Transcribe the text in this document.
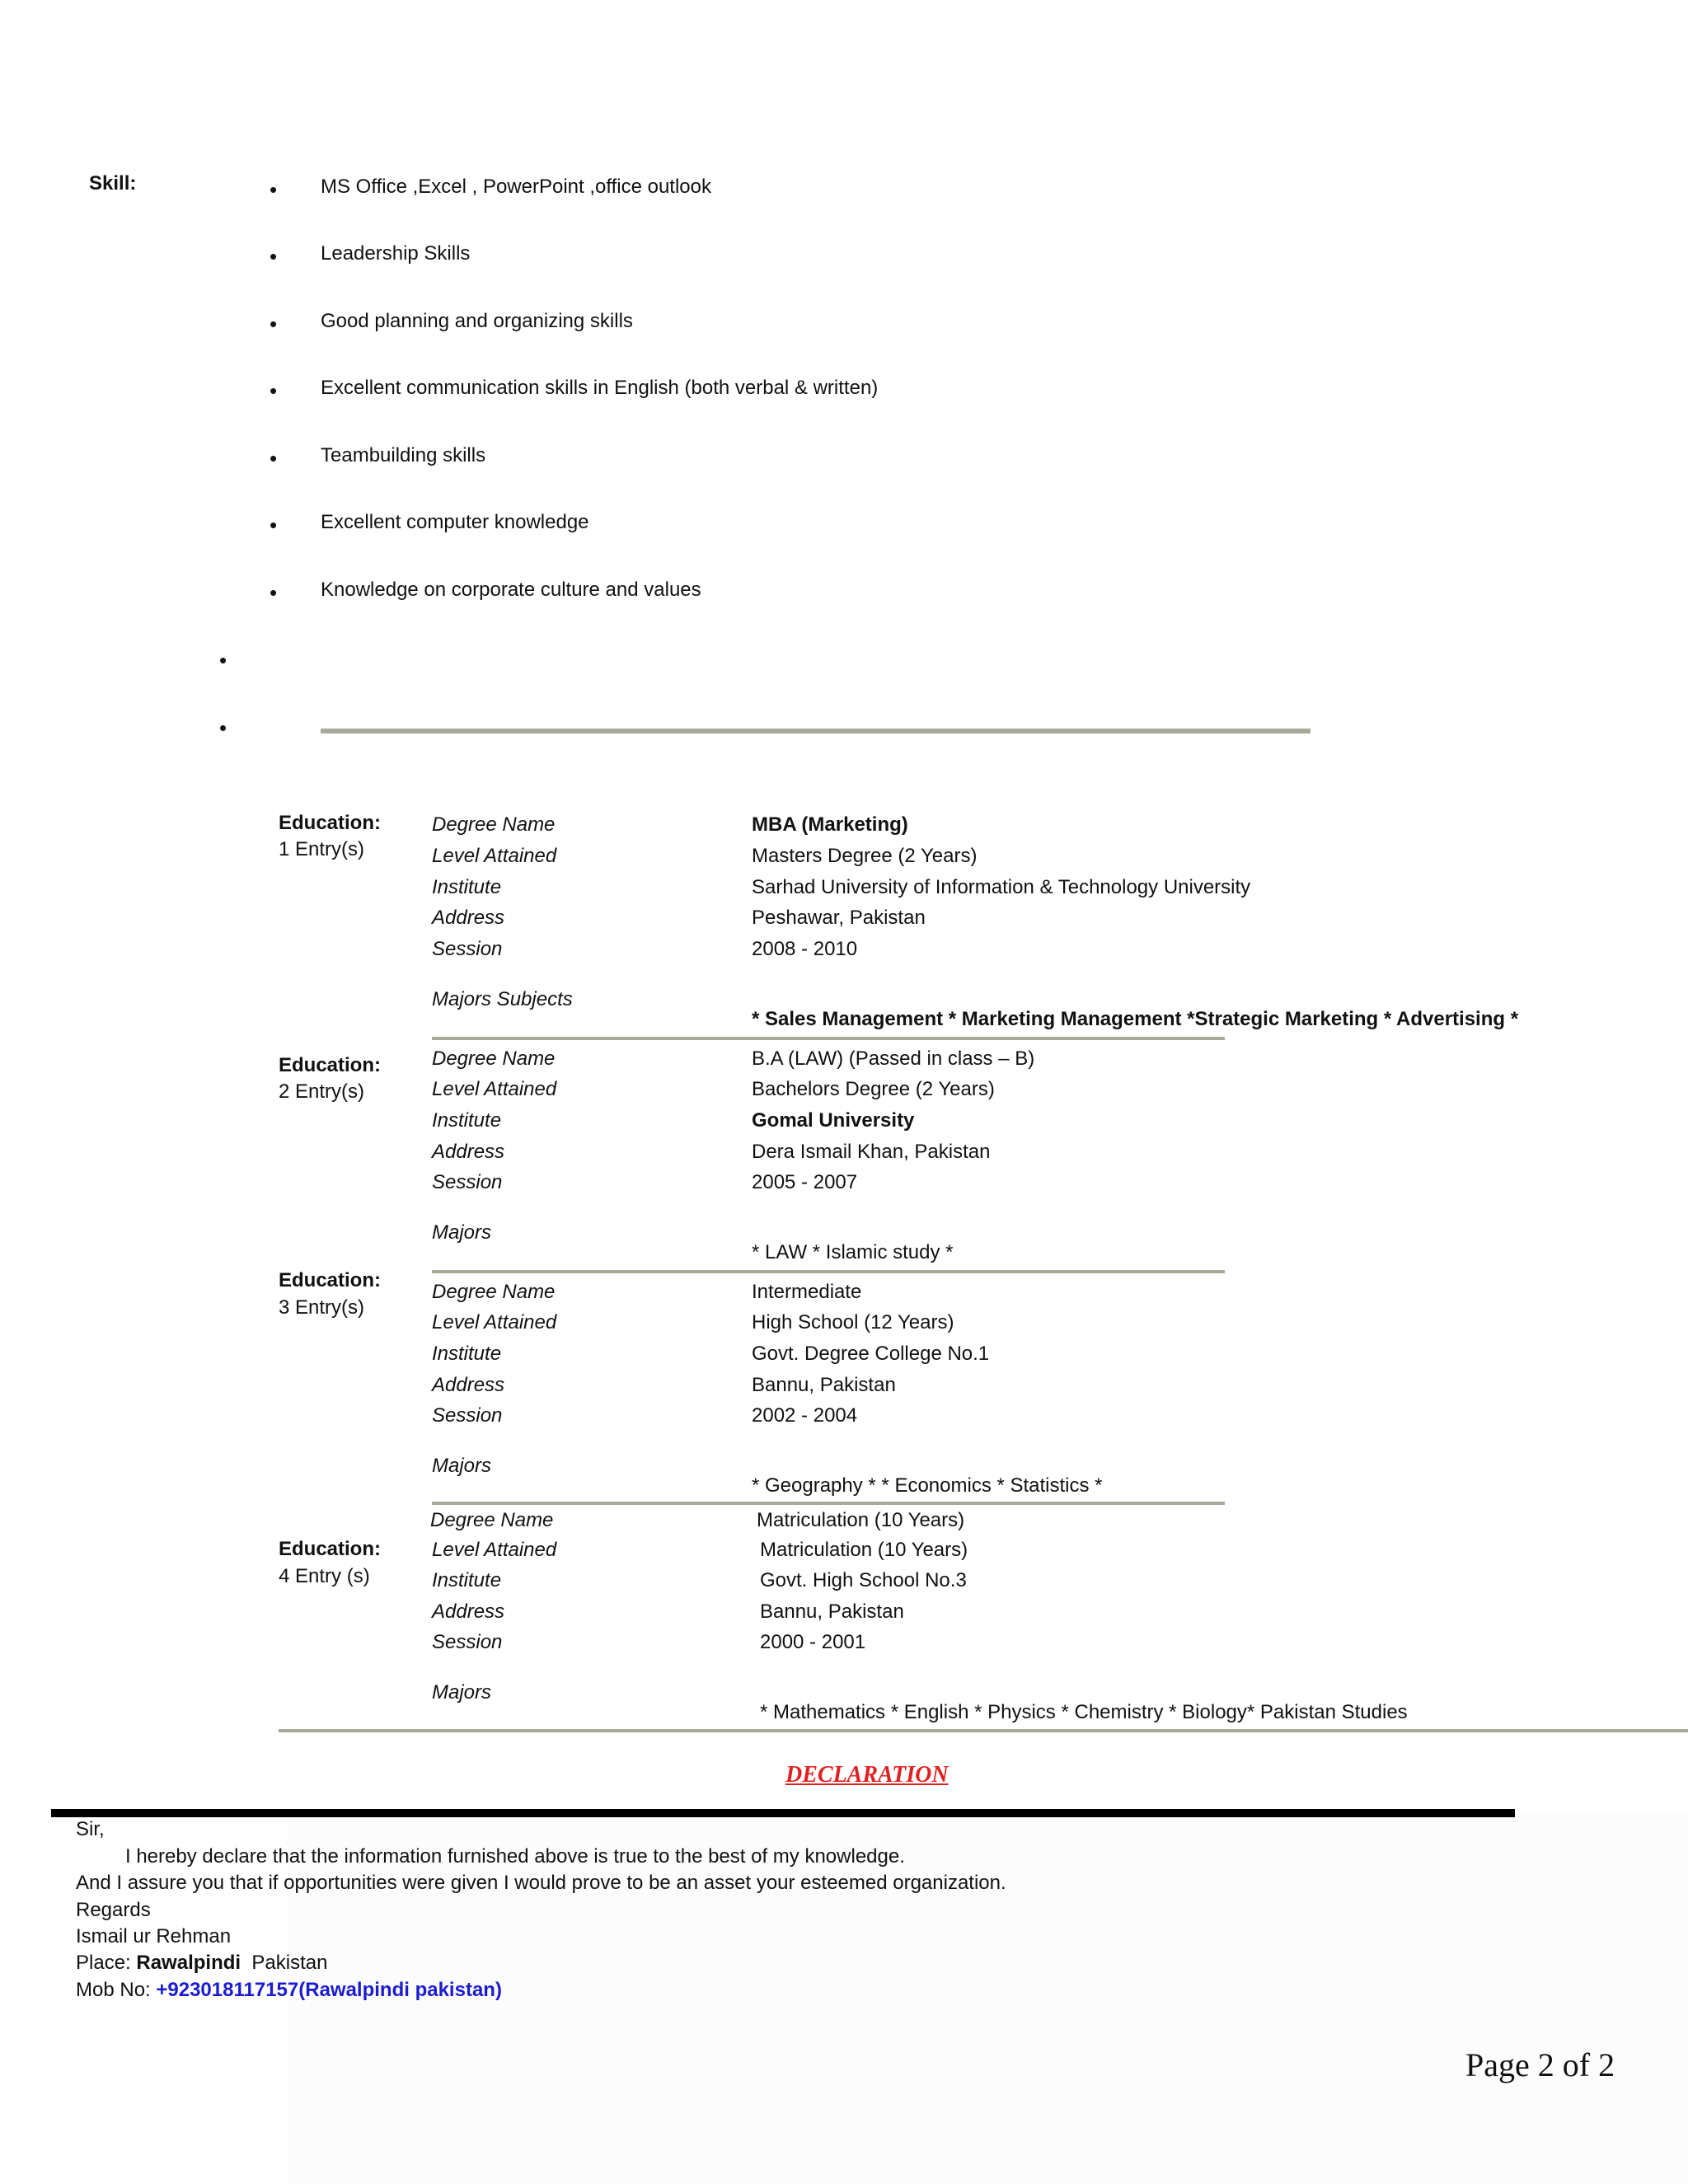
Skill:	• MS Office ,Excel , PowerPoint ,office outlook
• Leadership Skills
• Good planning and organizing skills
• Excellent communication skills in English (both verbal & written)
• Teambuilding skills
• Excellent computer knowledge
• Knowledge on corporate culture and values
•
•
Education:
1 Entry(s)
Degree Name	MBA (Marketing)
Level Attained	Masters Degree (2 Years)
Institute	Sarhad University of Information & Technology University
Address	Peshawar, Pakistan
Session	2008 - 2010
Majors Subjects
* Sales Management * Marketing Management *Strategic Marketing * Advertising *
Education:
2 Entry(s)
Degree Name	B.A (LAW) (Passed in class – B)
Level Attained	Bachelors Degree (2 Years)
Institute	Gomal University
Address	Dera Ismail Khan, Pakistan
Session	2005 - 2007
Majors
* LAW * Islamic study *
Education:
3 Entry(s)
Degree Name	Intermediate
Level Attained	High School (12 Years)
Institute	Govt. Degree College No.1
Address	Bannu, Pakistan
Session	2002 - 2004
Majors
* Geography * * Economics * Statistics *
Degree Name	Matriculation (10 Years)
Education:
4 Entry (s)
Level Attained	Matriculation (10 Years)
Institute	Govt. High School No.3
Address	Bannu, Pakistan
Session	2000 - 2001
Majors
* Mathematics * English * Physics * Chemistry * Biology* Pakistan Studies
DECLARATION
Sir,
I hereby declare that the information furnished above is true to the best of my knowledge.
And I assure you that if opportunities were given I would prove to be an asset your esteemed organization.
Regards
Ismail ur Rehman
Place: Rawalpindi Pakistan
Mob No: +923018117157(Rawalpindi pakistan)
Page 2 of 2
